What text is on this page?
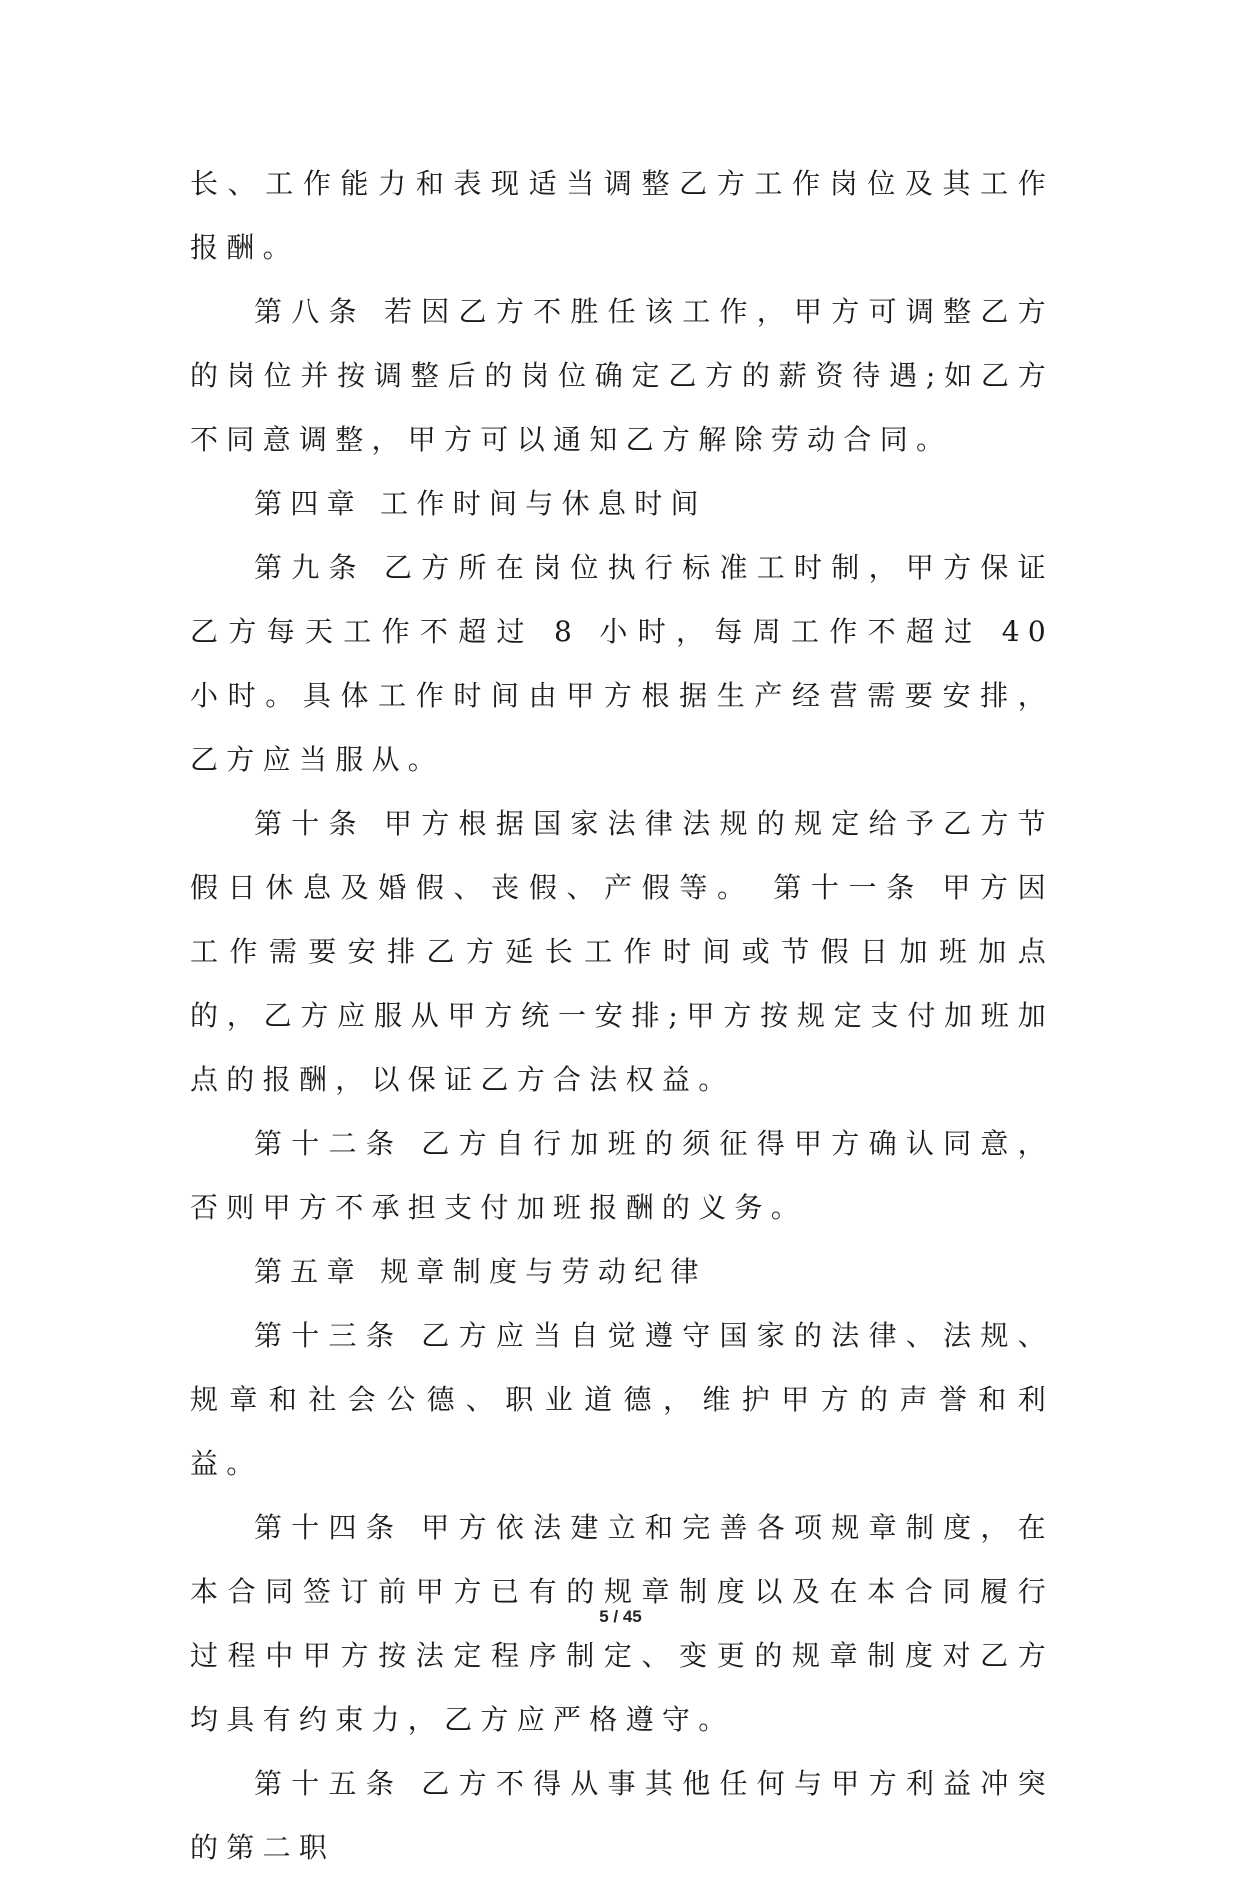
长、工作能力和表现适当调整乙方工作岗位及其工作报酬。

第八条 若因乙方不胜任该工作，甲方可调整乙方的岗位并按调整后的岗位确定乙方的薪资待遇;如乙方不同意调整，甲方可以通知乙方解除劳动合同。

第四章 工作时间与休息时间

第九条 乙方所在岗位执行标准工时制，甲方保证乙方每天工作不超过 8 小时，每周工作不超过 40 小时。具体工作时间由甲方根据生产经营需要安排，乙方应当服从。

第十条 甲方根据国家法律法规的规定给予乙方节假日休息及婚假、丧假、产假等。 第十一条 甲方因工作需要安排乙方延长工作时间或节假日加班加点的，乙方应服从甲方统一安排;甲方按规定支付加班加点的报酬，以保证乙方合法权益。

第十二条 乙方自行加班的须征得甲方确认同意，否则甲方不承担支付加班报酬的义务。

第五章 规章制度与劳动纪律

第十三条 乙方应当自觉遵守国家的法律、法规、规章和社会公德、职业道德，维护甲方的声誉和利益。

第十四条 甲方依法建立和完善各项规章制度，在本合同签订前甲方已有的规章制度以及在本合同履行过程中甲方按法定程序制定、变更的规章制度对乙方均具有约束力，乙方应严格遵守。

第十五条 乙方不得从事其他任何与甲方利益冲突的第二职

5 / 45
